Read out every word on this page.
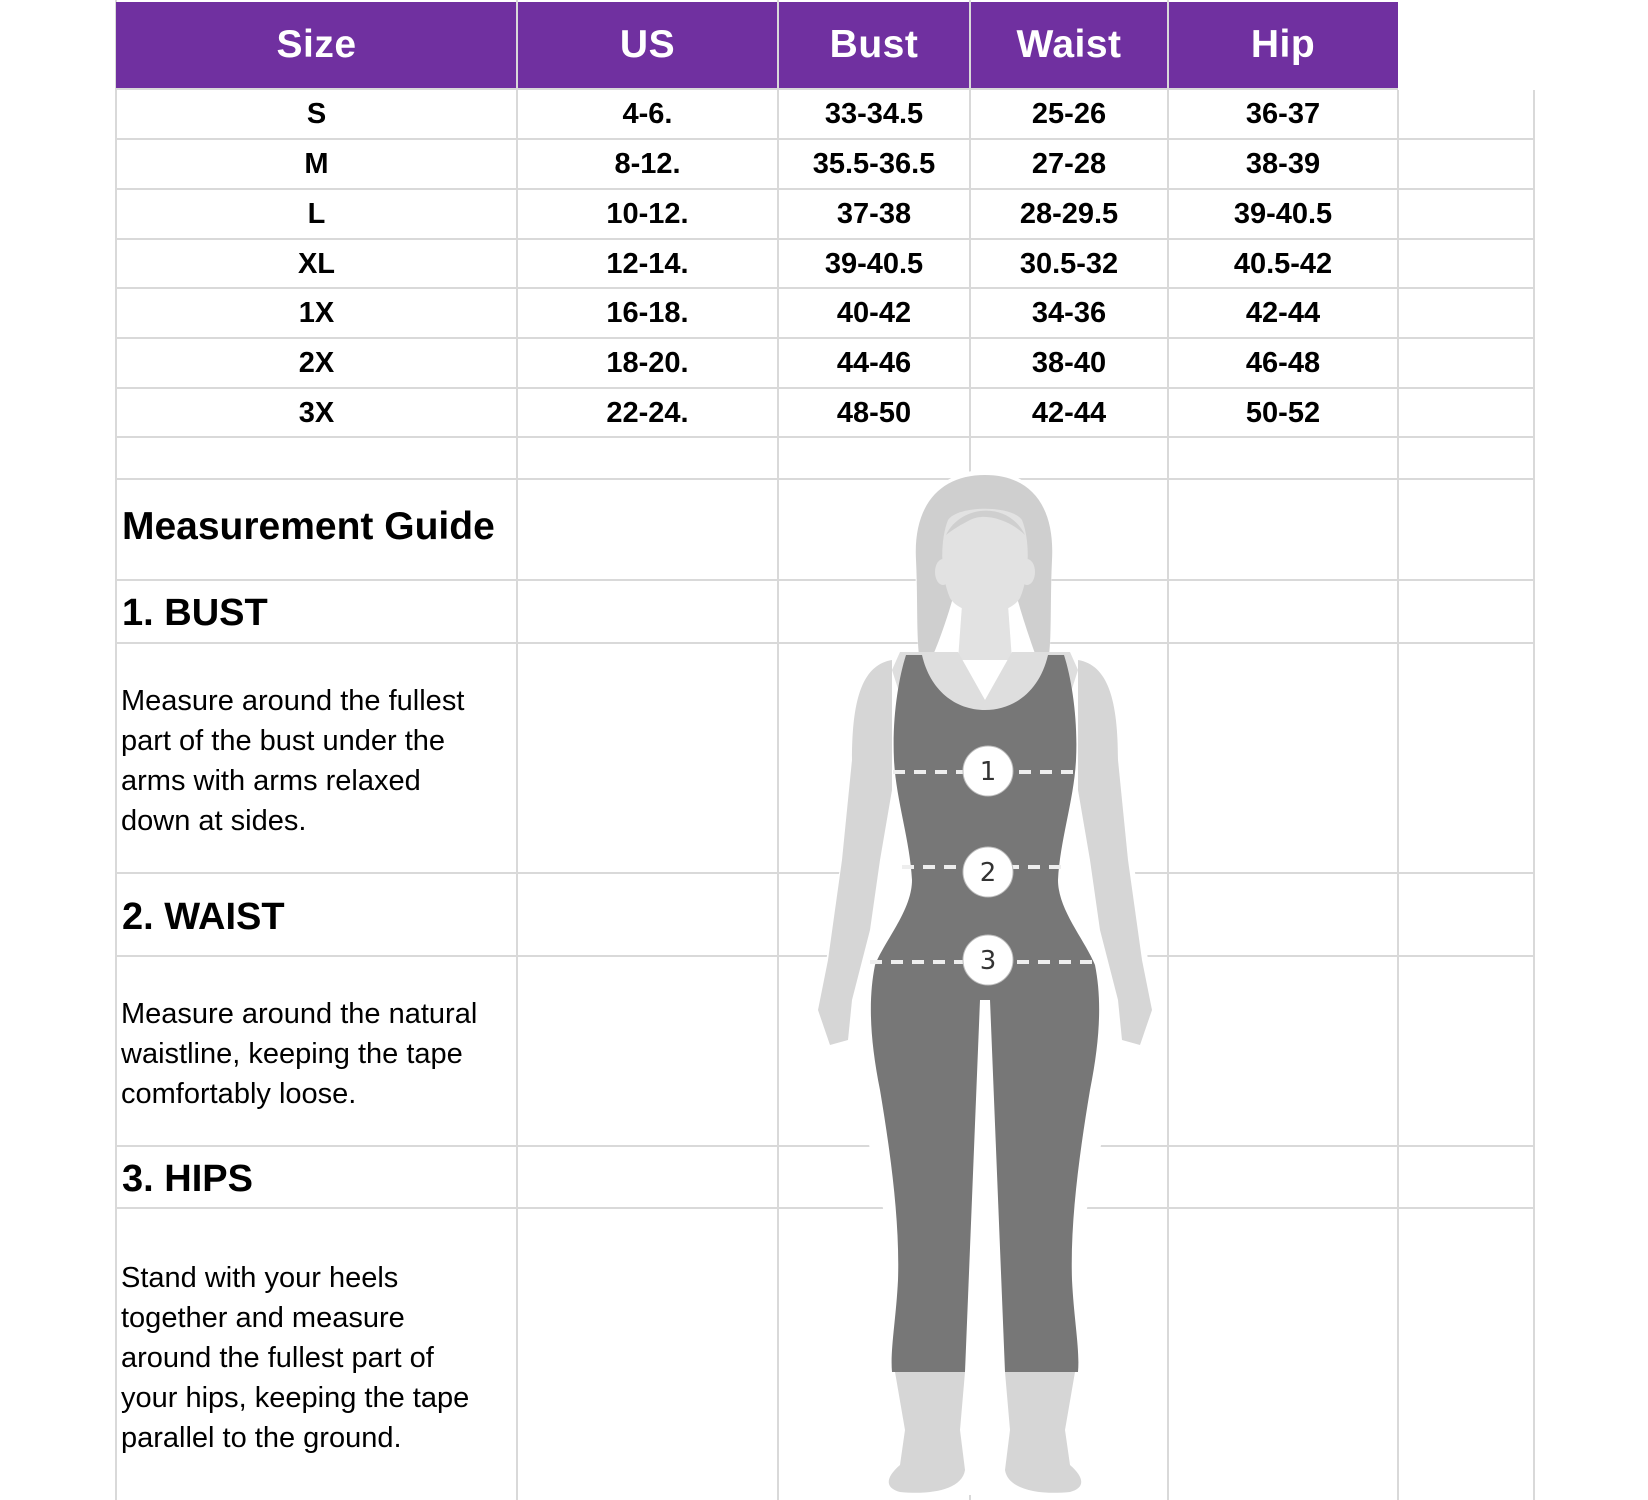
1
2
3
Size	US	Bust	Waist	Hip
S	4-6.	33-34.5	25-26	36-37
M	8-12.	35.5-36.5	27-28	38-39
L	10-12.	37-38	28-29.5	39-40.5
XL	12-14.	39-40.5	30.5-32	40.5-42
1X	16-18.	40-42	34-36	42-44
2X	18-20.	44-46	38-40	46-48
3X	22-24.	48-50	42-44	50-52
Measurement Guide
1. BUST
Measure around the fullest
part of the bust under the
arms with arms relaxed
down at sides.
2. WAIST
Measure around the natural
waistline, keeping the tape
comfortably loose.
3. HIPS
Stand with your heels
together and measure
around the fullest part of
your hips, keeping the tape
parallel to the ground.
